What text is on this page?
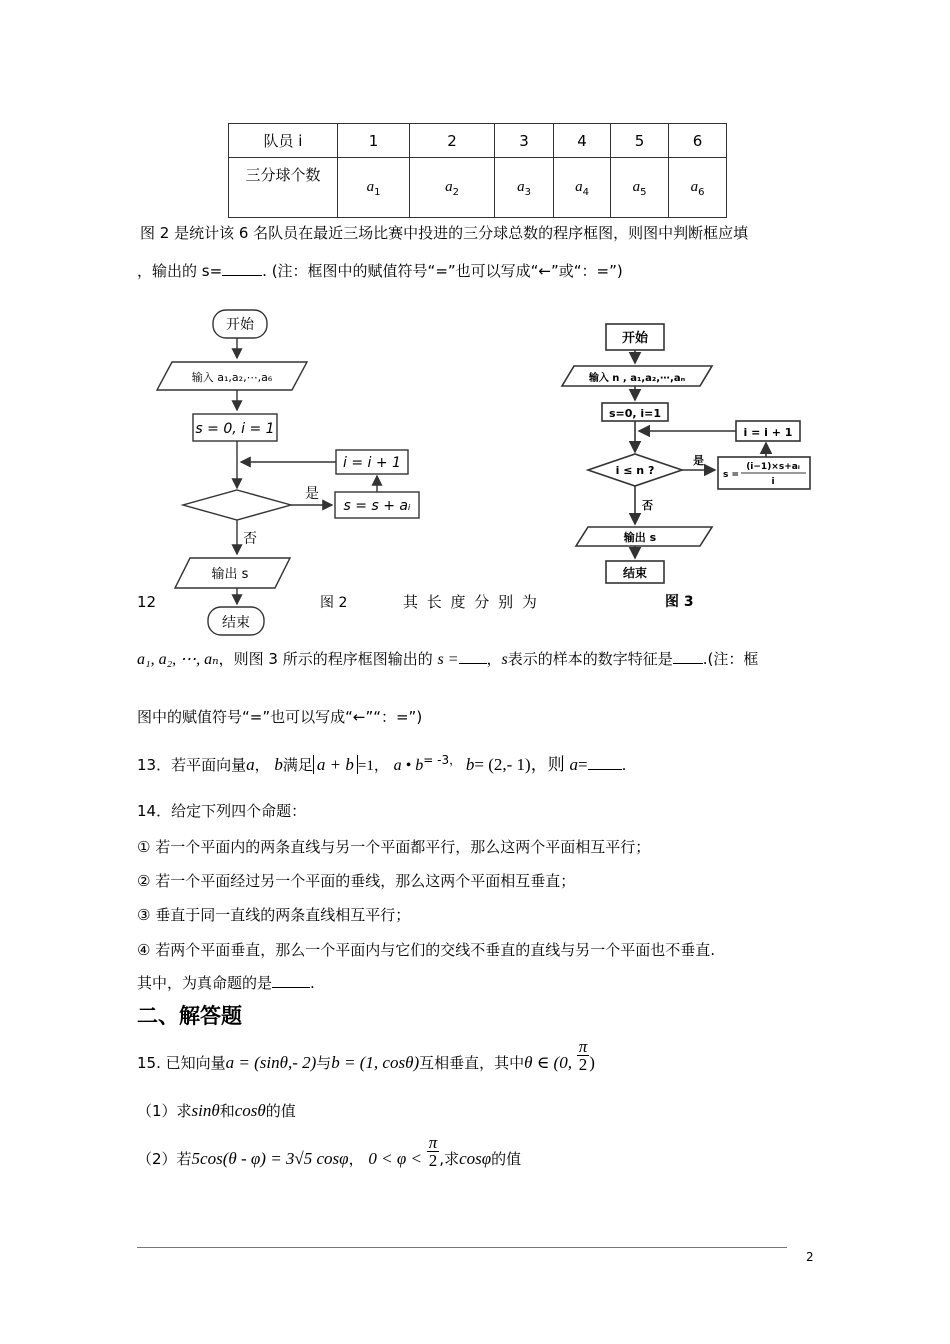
队员 i	1	2	3	4	5	6
三分球个数	$a_1$	$a_2$	$a_3$	$a_4$	$a_5$	$a_6$
图 2 是统计该 6 名队员在最近三场比赛中投进的三分球总数的程序框图，则图中判断框应填
，输出的 s=	. (注：框图中的赋值符号“=”也可以写成“←”或“：=”)
开始
输入 a₁,a₂,⋯,a₆
s = 0, i = 1
i = i + 1
s = s + aᵢ
是
否
输出 s
结束
图 2
开始
输入 n , a₁,a₂,⋯,aₙ
s=0, i=1
i = i + 1
i ≤ n ?
是
否
s =
(i−1)×s+aᵢ
i
输出 s
结束
图 3
12	其 长 度 分 别 为
a₁, a₂, ⋯, aₙ，则图 3 所示的程序框图输出的 s = ，s表示的样本的数字特征是 .(注：框
图中的赋值符号“=”也可以写成“←”“：=”)
13．若平面向量a， b满足 a + b =1， a • $b^{= -3,}$ b= (2,- 1)，则 a= .
14．给定下列四个命题：
① 若一个平面内的两条直线与另一个平面都平行，那么这两个平面相互平行；
② 若一个平面经过另一个平面的垂线，那么这两个平面相互垂直；
③ 垂直于同一直线的两条直线相互平行；
④ 若两个平面垂直，那么一个平面内与它们的交线不垂直的直线与另一个平面也不垂直.
其中，为真命题的是	.
二、解答题
15. 已知向量a = (sinθ,- 2)与b = (1, cosθ)互相垂直，其中θ ∈ (0, $\frac{\pi}{2}$ )
（1）求sinθ和cosθ的值
（2）若5cos(θ - φ) = 3√5 cosφ， $0 < \varphi < \frac{\pi}{2}$ ,求cosφ的值
2
